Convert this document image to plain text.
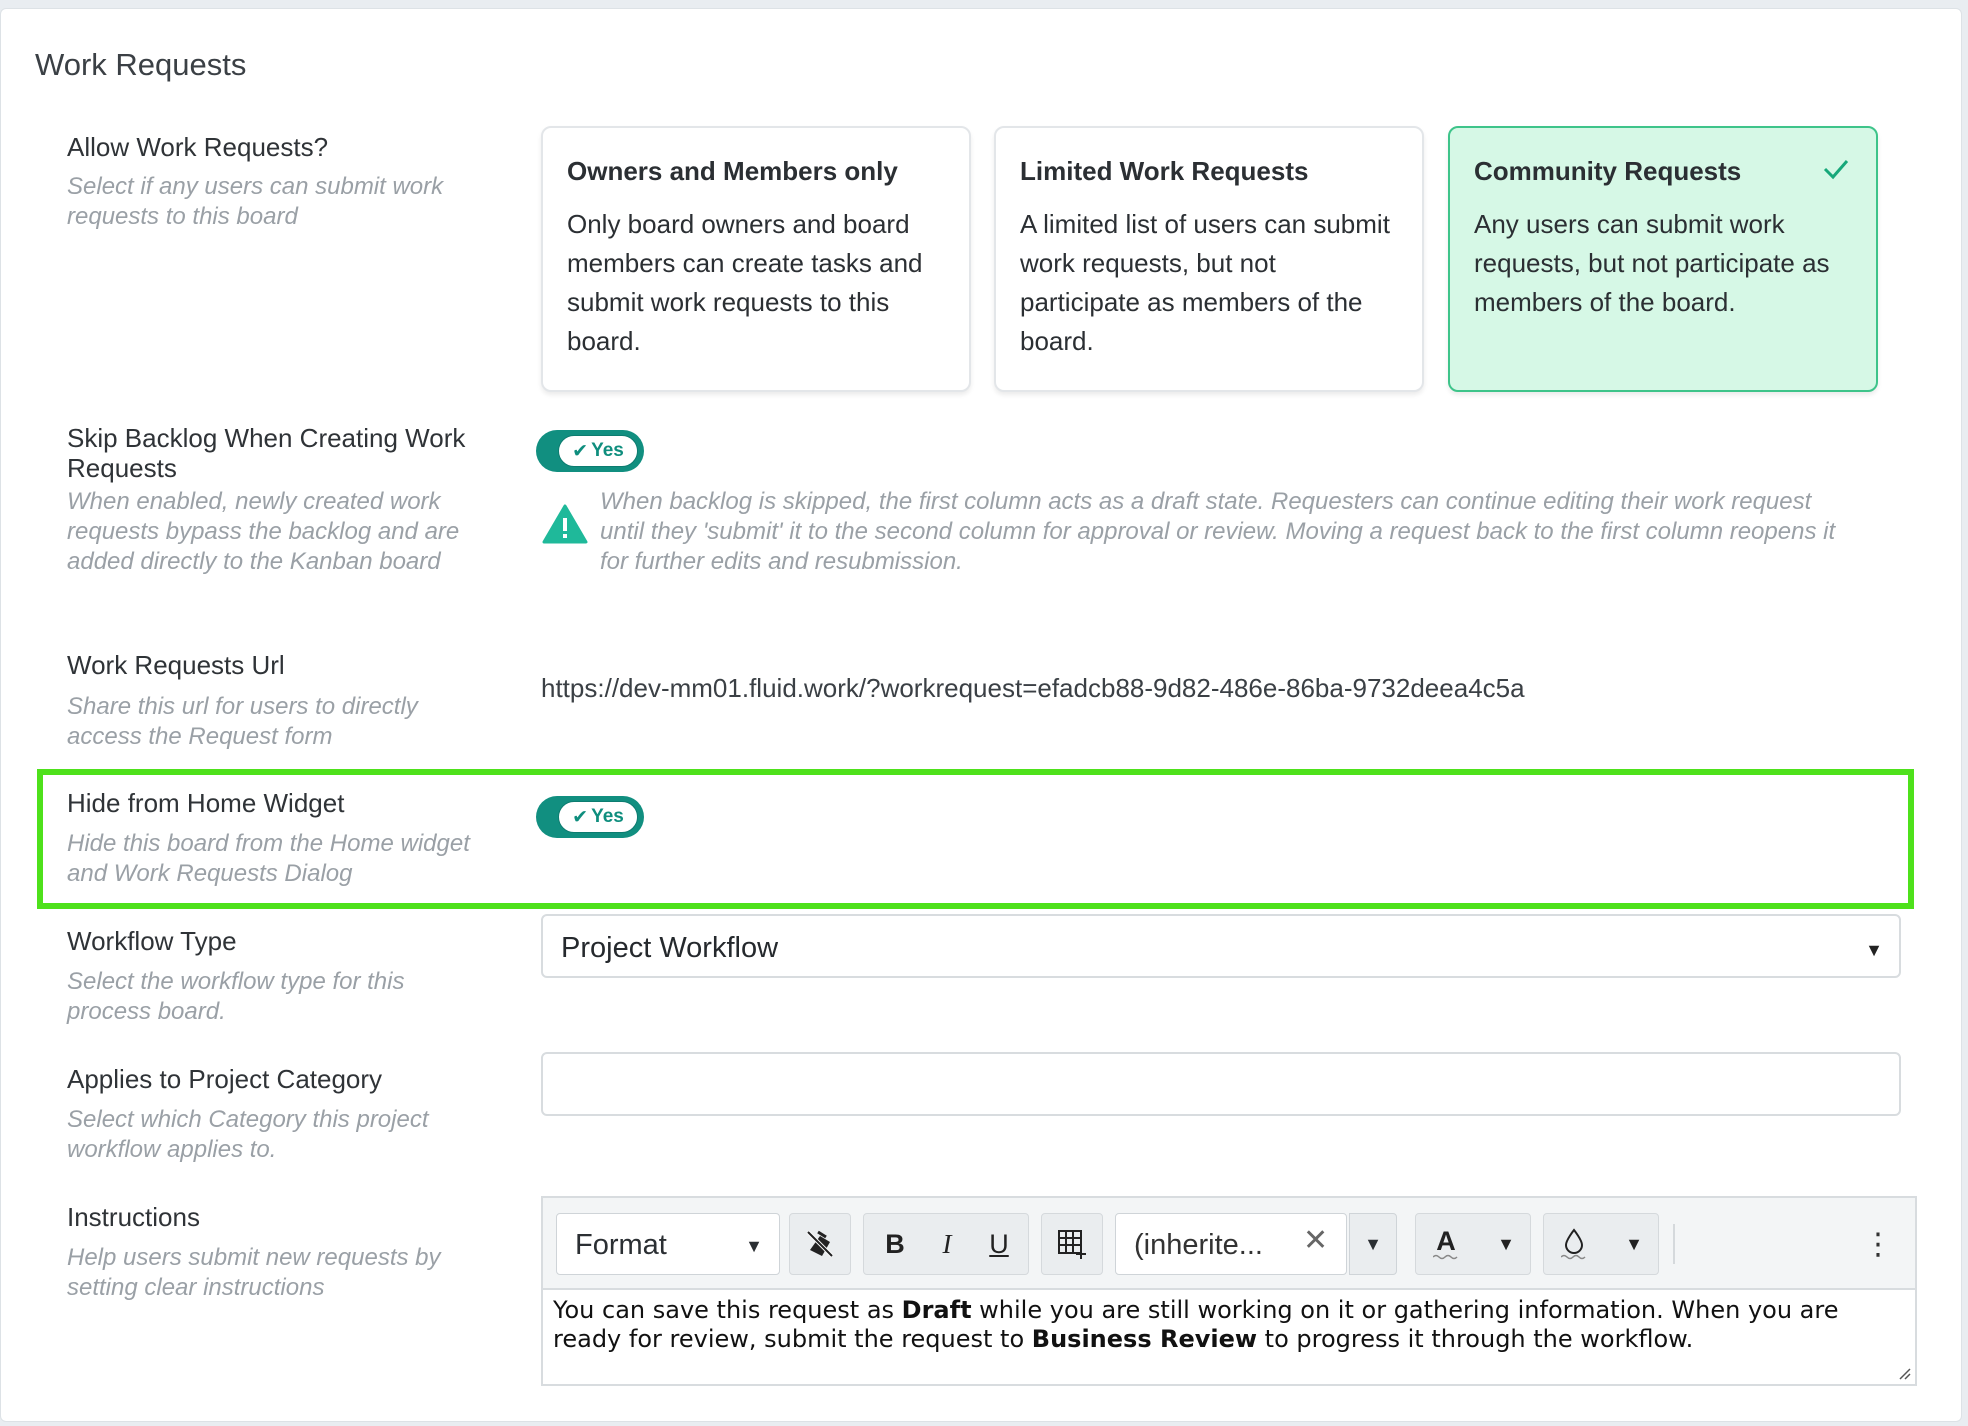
Work Requests
Allow Work Requests?
Select if any users can submit work requests to this board
Owners and Members only
Only board owners and board members can create tasks and submit work requests to this board.
Limited Work Requests
A limited list of users can submit work requests, but not participate as members of the board.
Community Requests
Any users can submit work requests, but not participate as members of the board.
Skip Backlog When Creating Work Requests
When enabled, newly created work requests bypass the backlog and are added directly to the Kanban board
✔ Yes
When backlog is skipped, the first column acts as a draft state. Requesters can continue editing their work request until they 'submit' it to the second column for approval or review. Moving a request back to the first column reopens it for further edits and resubmission.
Work Requests Url
Share this url for users to directly access the Request form
https://dev-mm01.fluid.work/?workrequest=efadcb88-9d82-486e-86ba-9732deea4c5a
Hide from Home Widget
Hide this board from the Home widget and Work Requests Dialog
✔ Yes
Workflow Type
Select the workflow type for this process board.
Project Workflow	▼
Applies to Project Category
Select which Category this project workflow applies to.
Instructions
Help users submit new requests by setting clear instructions
Format	▼	B	I	U	(inherite...	✕	▼	A	▼	▼	⋮
You can save this request as Draft while you are still working on it or gathering information. When you are ready for review, submit the request to Business Review to progress it through the workflow.
